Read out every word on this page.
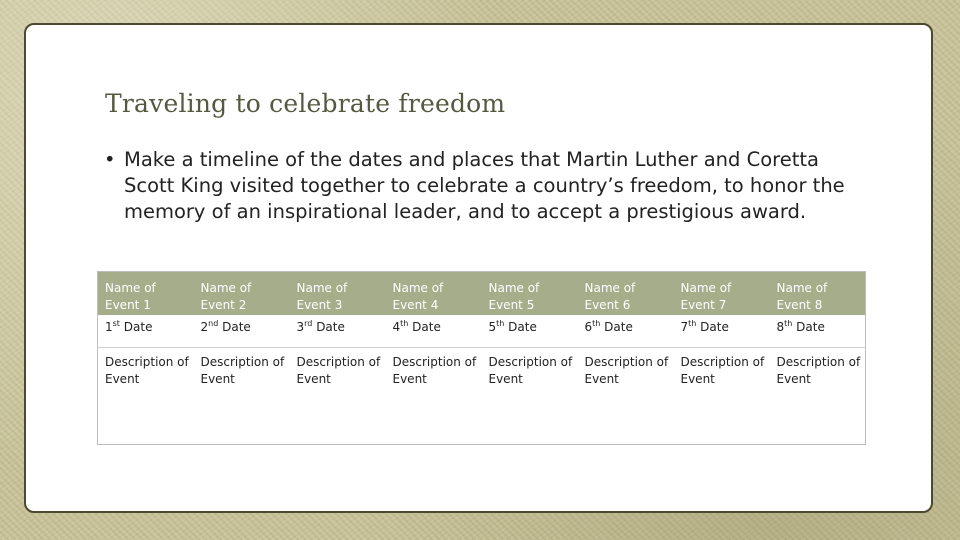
Traveling to celebrate freedom
• Make a timeline of the dates and places that Martin Luther and Coretta Scott King visited together to celebrate a country’s freedom, to honor the memory of an inspirational leader, and to accept a prestigious award.
Name of Event 1	Name of Event 2	Name of Event 3	Name of Event 4	Name of Event 5	Name of Event 6	Name of Event 7	Name of Event 8
1st Date	2nd Date	3rd Date	4th Date	5th Date	6th Date	7th Date	8th Date
Description of Event	Description of Event	Description of Event	Description of Event	Description of Event	Description of Event	Description of Event	Description of Event
